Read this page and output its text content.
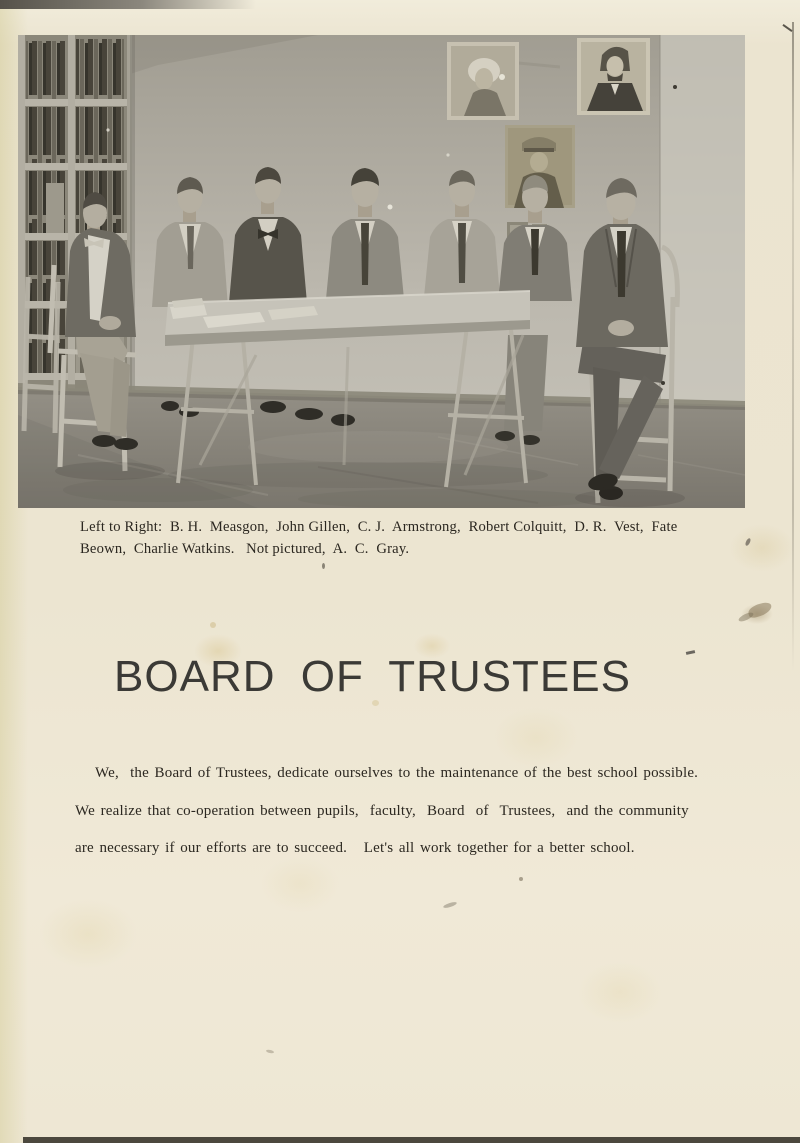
Left to Right:  B. H.  Measgon,  John Gillen,  C. J.  Armstrong,  Robert Colquitt,  D. R.  Vest,  Fate
Beown,  Charlie Watkins.   Not pictured,  A.  C.  Gray.
BOARD OF TRUSTEES
We,  the Board of Trustees, dedicate ourselves to the maintenance of the best school possible.
We realize that co-operation between pupils,  faculty,  Board  of  Trustees,  and the community
are necessary if our efforts are to succeed.   Let's all work together for a better school.
